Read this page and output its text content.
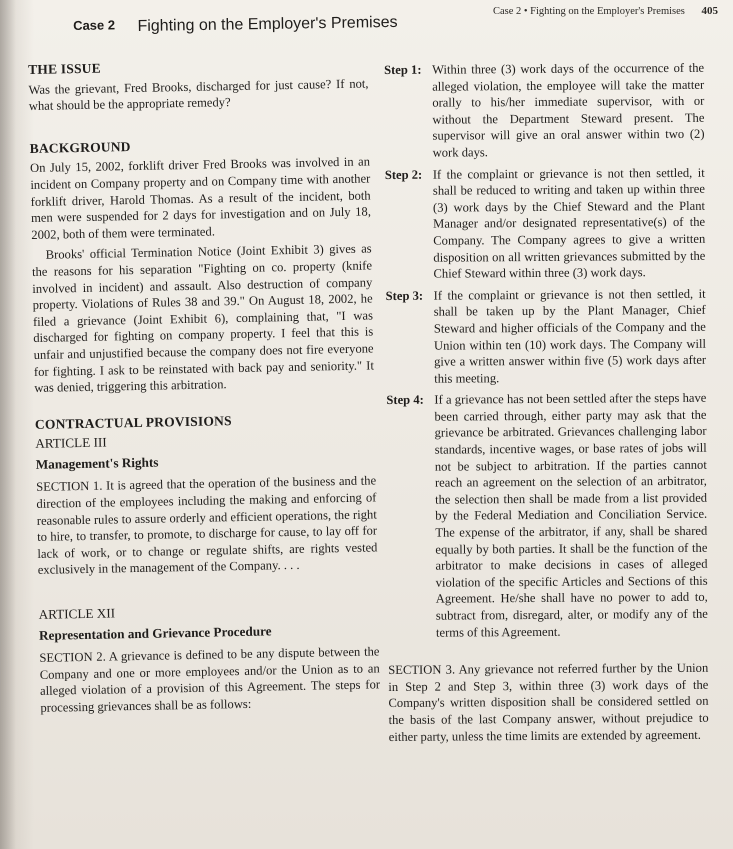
Case 2 • Fighting on the Employer's Premises 405
Case 2 Fighting on the Employer's Premises
THE ISSUE

Was the grievant, Fred Brooks, discharged for just cause? If not, what should be the appropriate remedy?

BACKGROUND

On July 15, 2002, forklift driver Fred Brooks was involved in an incident on Company property and on Company time with another forklift driver, Harold Thomas. As a result of the incident, both men were suspended for 2 days for investigation and on July 18, 2002, both of them were terminated.

Brooks' official Termination Notice (Joint Exhibit 3) gives as the reasons for his separation "Fighting on co. property (knife involved in incident) and assault. Also destruction of company property. Violations of Rules 38 and 39." On August 18, 2002, he filed a grievance (Joint Exhibit 6), complaining that, "I was discharged for fighting on company property. I feel that this is unfair and unjustified because the company does not fire everyone for fighting. I ask to be reinstated with back pay and seniority." It was denied, triggering this arbitration.

CONTRACTUAL PROVISIONS
ARTICLE III
Management's Rights

SECTION 1. It is agreed that the operation of the business and the direction of the employees including the making and enforcing of reasonable rules to assure orderly and efficient operations, the right to hire, to transfer, to promote, to discharge for cause, to lay off for lack of work, or to change or regulate shifts, are rights vested exclusively in the management of the Company. . . .

ARTICLE XII
Representation and Grievance Procedure

SECTION 2. A grievance is defined to be any dispute between the Company and one or more employees and/or the Union as to an alleged violation of a provision of this Agreement. The steps for processing grievances shall be as follows:

Step 1: Within three (3) work days of the occurrence of the alleged violation, the employee will take the matter orally to his/her immediate supervisor, with or without the Department Steward present. The supervisor will give an oral answer within two (2) work days.
Step 2: If the complaint or grievance is not then settled, it shall be reduced to writing and taken up within three (3) work days by the Chief Steward and the Plant Manager and/or designated representative(s) of the Company. The Company agrees to give a written disposition on all written grievances submitted by the Chief Steward within three (3) work days.
Step 3: If the complaint or grievance is not then settled, it shall be taken up by the Plant Manager, Chief Steward and higher officials of the Company and the Union within ten (10) work days. The Company will give a written answer within five (5) work days after this meeting.
Step 4: If a grievance has not been settled after the steps have been carried through, either party may ask that the grievance be arbitrated. Grievances challenging labor standards, incentive wages, or base rates of jobs will not be subject to arbitration. If the parties cannot reach an agreement on the selection of an arbitrator, the selection then shall be made from a list provided by the Federal Mediation and Conciliation Service. The expense of the arbitrator, if any, shall be shared equally by both parties. It shall be the function of the arbitrator to make decisions in cases of alleged violation of the specific Articles and Sections of this Agreement. He/she shall have no power to add to, subtract from, disregard, alter, or modify any of the terms of this Agreement.

SECTION 3. Any grievance not referred further by the Union in Step 2 and Step 3, within three (3) work days of the Company's written disposition shall be considered settled on the basis of the last Company answer, without prejudice to either party, unless the time limits are extended by agreement.
